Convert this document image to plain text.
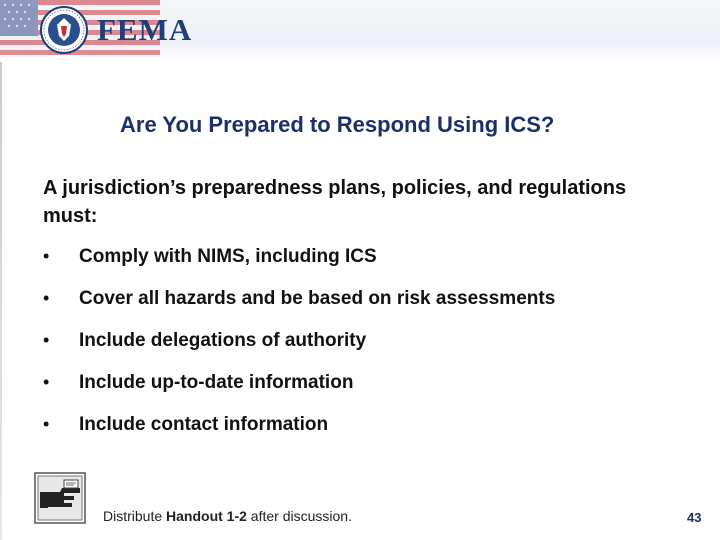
FEMA
Are You Prepared to Respond Using ICS?
A jurisdiction’s preparedness plans, policies, and regulations must:
• Comply with NIMS, including ICS
• Cover all hazards and be based on risk assessments
• Include delegations of authority
• Include up-to-date information
• Include contact information
Distribute Handout 1-2 after discussion.	43
